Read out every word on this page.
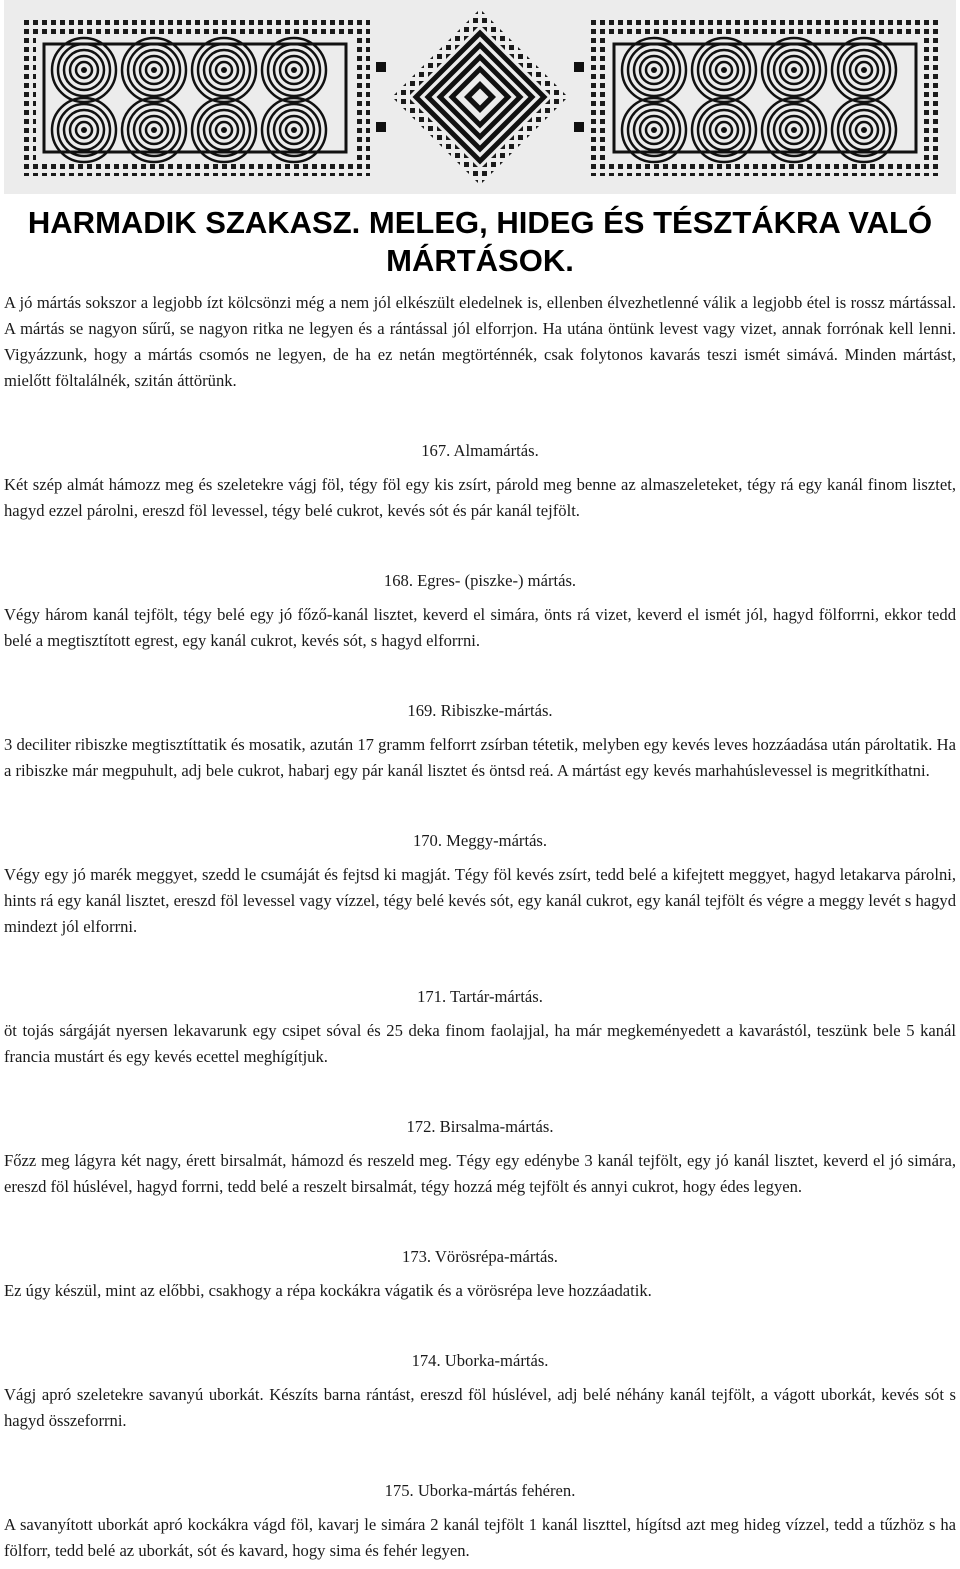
HARMADIK SZAKASZ. MELEG, HIDEG ÉS TÉSZTÁKRA VALÓ MÁRTÁSOK.

A jó mártás sokszor a legjobb ízt kölcsönzi még a nem jól elkészült eledelnek is, ellenben élvezhetlenné válik a legjobb étel is rossz mártással. A mártás se nagyon sűrű, se nagyon ritka ne legyen és a rántással jól elforrjon. Ha utána öntünk levest vagy vizet, annak forrónak kell lenni. Vigyázzunk, hogy a mártás csomós ne legyen, de ha ez netán megtörténnék, csak folytonos kavarás teszi ismét simává. Minden mártást, mielőtt föltalálnék, szitán áttörünk.

167. Almamártás.

Két szép almát hámozz meg és szeletekre vágj föl, tégy föl egy kis zsírt, párold meg benne az almaszeleteket, tégy rá egy kanál finom lisztet, hagyd ezzel párolni, ereszd föl levessel, tégy belé cukrot, kevés sót és pár kanál tejfölt.

168. Egres- (piszke-) mártás.

Végy három kanál tejfölt, tégy belé egy jó főző-kanál lisztet, keverd el simára, önts rá vizet, keverd el ismét jól, hagyd fölforrni, ekkor tedd belé a megtisztított egrest, egy kanál cukrot, kevés sót, s hagyd elforrni.

169. Ribiszke-mártás.

3 deciliter ribiszke megtisztíttatik és mosatik, azután 17 gramm felforrt zsírban tétetik, melyben egy kevés leves hozzáadása után pároltatik. Ha a ribiszke már megpuhult, adj bele cukrot, habarj egy pár kanál lisztet és öntsd reá. A mártást egy kevés marhahúslevessel is megritkíthatni.

170. Meggy-mártás.

Végy egy jó marék meggyet, szedd le csumáját és fejtsd ki magját. Tégy föl kevés zsírt, tedd belé a kifejtett meggyet, hagyd letakarva párolni, hints rá egy kanál lisztet, ereszd föl levessel vagy vízzel, tégy belé kevés sót, egy kanál cukrot, egy kanál tejfölt és végre a meggy levét s hagyd mindezt jól elforrni.

171. Tartár-mártás.

öt tojás sárgáját nyersen lekavarunk egy csipet sóval és 25 deka finom faolajjal, ha már megkeményedett a kavarástól, teszünk bele 5 kanál francia mustárt és egy kevés ecettel meghígítjuk.

172. Birsalma-mártás.

Főzz meg lágyra két nagy, érett birsalmát, hámozd és reszeld meg. Tégy egy edénybe 3 kanál tejfölt, egy jó kanál lisztet, keverd el jó simára, ereszd föl húslével, hagyd forrni, tedd belé a reszelt birsalmát, tégy hozzá még tejfölt és annyi cukrot, hogy édes legyen.

173. Vörösrépa-mártás.

Ez úgy készül, mint az előbbi, csakhogy a répa kockákra vágatik és a vörösrépa leve hozzáadatik.

174. Uborka-mártás.

Vágj apró szeletekre savanyú uborkát. Készíts barna rántást, ereszd föl húslével, adj belé néhány kanál tejfölt, a vágott uborkát, kevés sót s hagyd összeforrni.

175. Uborka-mártás fehéren.

A savanyított uborkát apró kockákra vágd föl, kavarj le simára 2 kanál tejfölt 1 kanál liszttel, hígítsd azt meg hideg vízzel, tedd a tűzhöz s ha fölforr, tedd belé az uborkát, sót és kavard, hogy sima és fehér legyen.
